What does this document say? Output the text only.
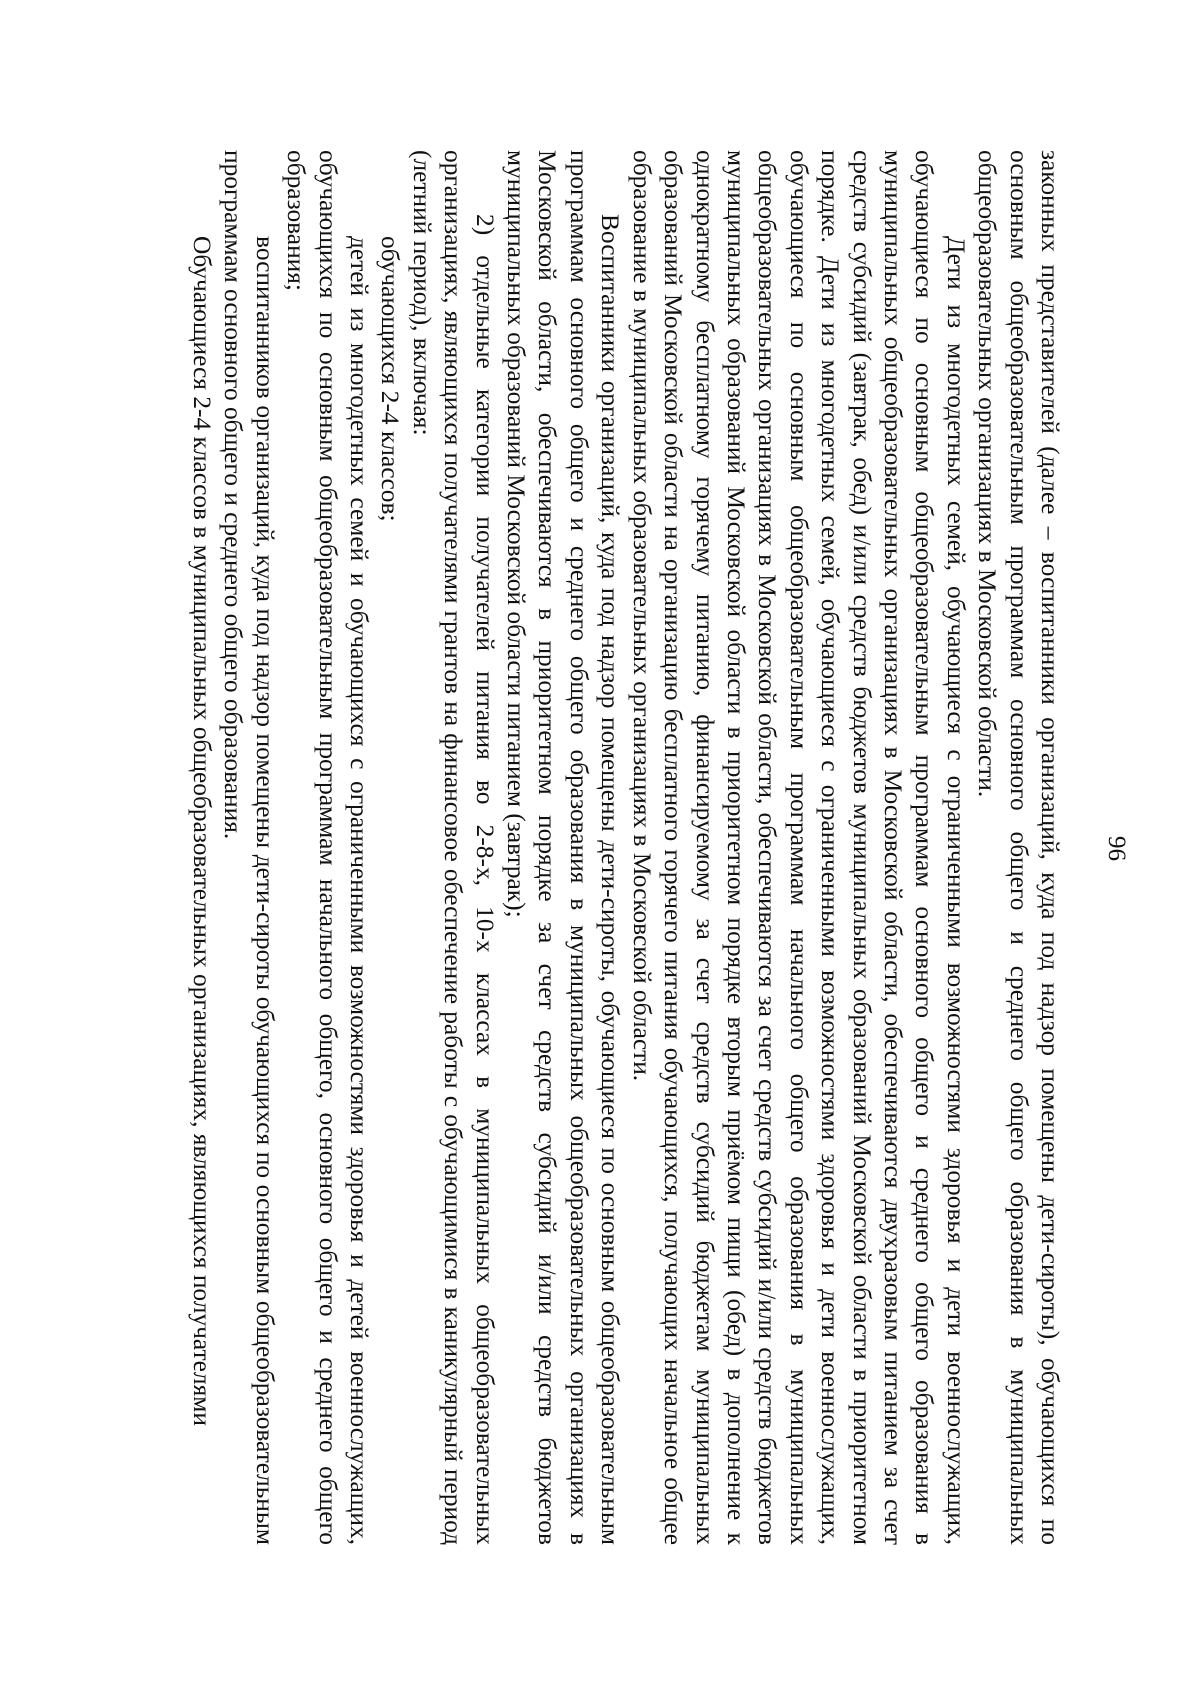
96

законных представителей (далее – воспитанники организаций, куда под надзор помещены дети-сироты), обучающихся по основным общеобразовательным программам основного общего и среднего общего образования в муниципальных общеобразовательных организациях в Московской области.

Дети из многодетных семей, обучающиеся с ограниченными возможностями здоровья и дети военнослужащих, обучающиеся по основным общеобразовательным программам основного общего и среднего общего образования в муниципальных общеобразовательных организациях в Московской области, обеспечиваются двухразовым питанием за счет средств субсидий (завтрак, обед) и/или средств бюджетов муниципальных образований Московской области в приоритетном порядке. Дети из многодетных семей, обучающиеся с ограниченными возможностями здоровья и дети военнослужащих, обучающиеся по основным общеобразовательным программам начального общего образования в муниципальных общеобразовательных организациях в Московской области, обеспечиваются за счет средств субсидий и/или средств бюджетов муниципальных образований Московской области в приоритетном порядке вторым приёмом пищи (обед) в дополнение к однократному бесплатному горячему питанию, финансируемому за счет средств субсидий бюджетам муниципальных образований Московской области на организацию бесплатного горячего питания обучающихся, получающих начальное общее образование в муниципальных образовательных организациях в Московской области.

Воспитанники организаций, куда под надзор помещены дети-сироты, обучающиеся по основным общеобразовательным программам основного общего и среднего общего образования в муниципальных общеобразовательных организациях в Московской области, обеспечиваются в приоритетном порядке за счет средств субсидий и/или средств бюджетов муниципальных образований Московской области питанием (завтрак);

2) отдельные категории получателей питания во 2-8-х, 10-х классах в муниципальных общеобразовательных организациях, являющихся получателями грантов на финансовое обеспечение работы с обучающимися в каникулярный период (летний период), включая:

обучающихся 2-4 классов;

детей из многодетных семей и обучающихся с ограниченными возможностями здоровья и детей военнослужащих, обучающихся по основным общеобразовательным программам начального общего, основного общего и среднего общего образования;

воспитанников организаций, куда под надзор помещены дети-сироты обучающихся по основным общеобразовательным программам основного общего и среднего общего образования.

Обучающиеся 2-4 классов в муниципальных общеобразовательных организациях, являющихся получателями
